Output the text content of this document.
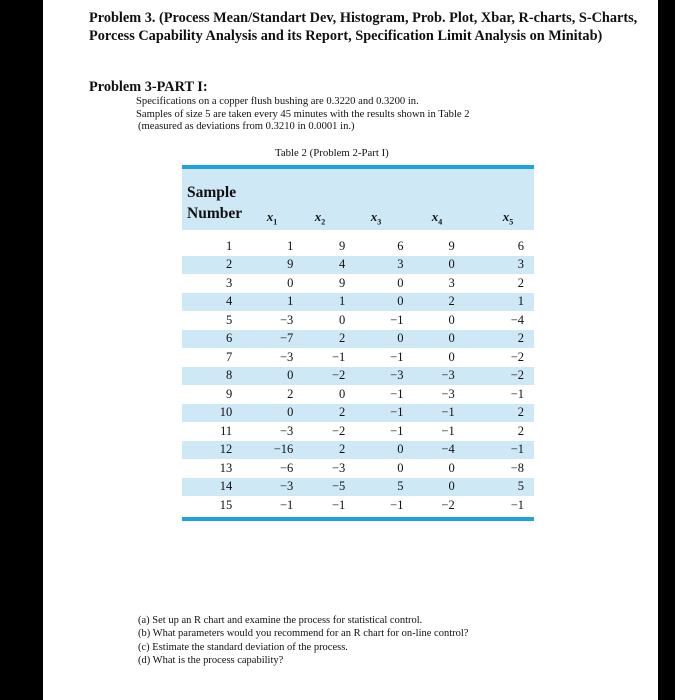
Problem 3. (Process Mean/Standart Dev, Histogram, Prob. Plot, Xbar, R-charts, S-Charts, Porcess Capability Analysis and its Report, Specification Limit Analysis on Minitab)

Problem 3-PART I:

Specifications on a copper flush bushing are 0.3220 and 0.3200 in.
Samples of size 5 are taken every 45 minutes with the results shown in Table 2
(measured as deviations from 0.3210 in 0.0001 in.)
Table 2 (Problem 2-Part I)
Sample
Number	$x_1$	$x_2$	$x_3$	$x_4$	$x_5$
1	1	9	6	9	6
2	9	4	3	0	3
3	0	9	0	3	2
4	1	1	0	2	1
5	−3	0	−1	0	−4
6	−7	2	0	0	2
7	−3	−1	−1	0	−2
8	0	−2	−3	−3	−2
9	2	0	−1	−3	−1
10	0	2	−1	−1	2
11	−3	−2	−1	−1	2
12	−16	2	0	−4	−1
13	−6	−3	0	0	−8
14	−3	−5	5	0	5
15	−1	−1	−1	−2	−1
(a) Set up an R chart and examine the process for statistical control.
(b) What parameters would you recommend for an R chart for on-line control?
(c) Estimate the standard deviation of the process.
(d) What is the process capability?
